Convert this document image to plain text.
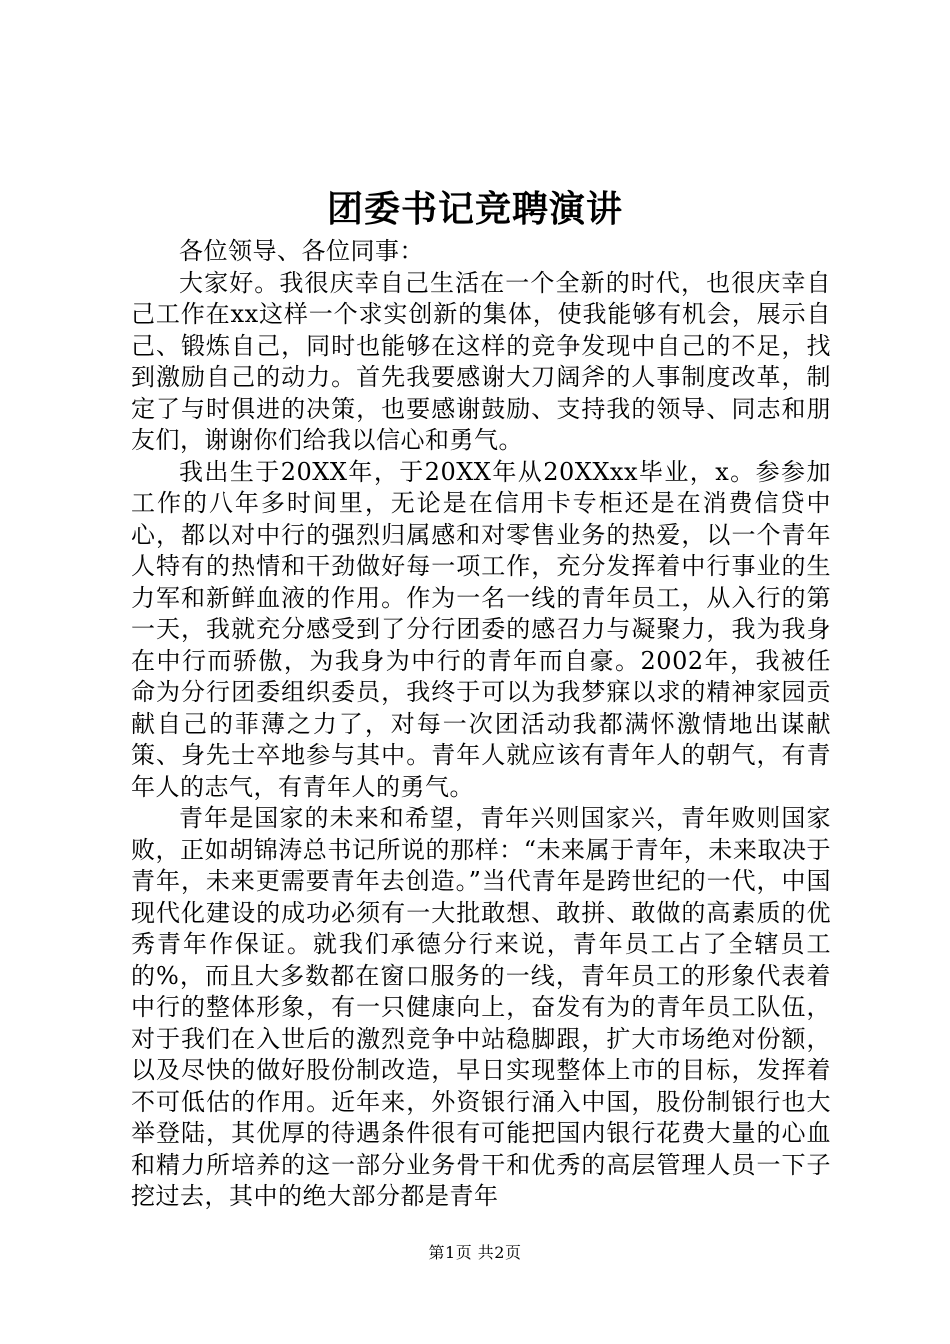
团委书记竞聘演讲

各位领导、各位同事：

大家好。我很庆幸自己生活在一个全新的时代，也很庆幸自己工作在xx这样一个求实创新的集体，使我能够有机会，展示自己、锻炼自己，同时也能够在这样的竞争发现中自己的不足，找到激励自己的动力。首先我要感谢大刀阔斧的人事制度改革，制定了与时俱进的决策，也要感谢鼓励、支持我的领导、同志和朋友们，谢谢你们给我以信心和勇气。

我出生于20XX年，于20XX年从20XXxx毕业，x。参参加工作的八年多时间里，无论是在信用卡专柜还是在消费信贷中心，都以对中行的强烈归属感和对零售业务的热爱，以一个青年人特有的热情和干劲做好每一项工作，充分发挥着中行事业的生力军和新鲜血液的作用。作为一名一线的青年员工，从入行的第一天，我就充分感受到了分行团委的感召力与凝聚力，我为我身在中行而骄傲，为我身为中行的青年而自豪。2002年，我被任命为分行团委组织委员，我终于可以为我梦寐以求的精神家园贡献自己的菲薄之力了，对每一次团活动我都满怀激情地出谋献策、身先士卒地参与其中。青年人就应该有青年人的朝气，有青年人的志气，有青年人的勇气。

青年是国家的未来和希望，青年兴则国家兴，青年败则国家败，正如胡锦涛总书记所说的那样：“未来属于青年，未来取决于青年，未来更需要青年去创造。”当代青年是跨世纪的一代，中国现代化建设的成功必须有一大批敢想、敢拼、敢做的高素质的优秀青年作保证。就我们承德分行来说，青年员工占了全辖员工的%，而且大多数都在窗口服务的一线，青年员工的形象代表着中行的整体形象，有一只健康向上，奋发有为的青年员工队伍，对于我们在入世后的激烈竞争中站稳脚跟，扩大市场绝对份额，以及尽快的做好股份制改造，早日实现整体上市的目标，发挥着不可低估的作用。近年来，外资银行涌入中国，股份制银行也大举登陆，其优厚的待遇条件很有可能把国内银行花费大量的心血和精力所培养的这一部分业务骨干和优秀的高层管理人员一下子挖过去，其中的绝大部分都是青年

第1页 共2页
